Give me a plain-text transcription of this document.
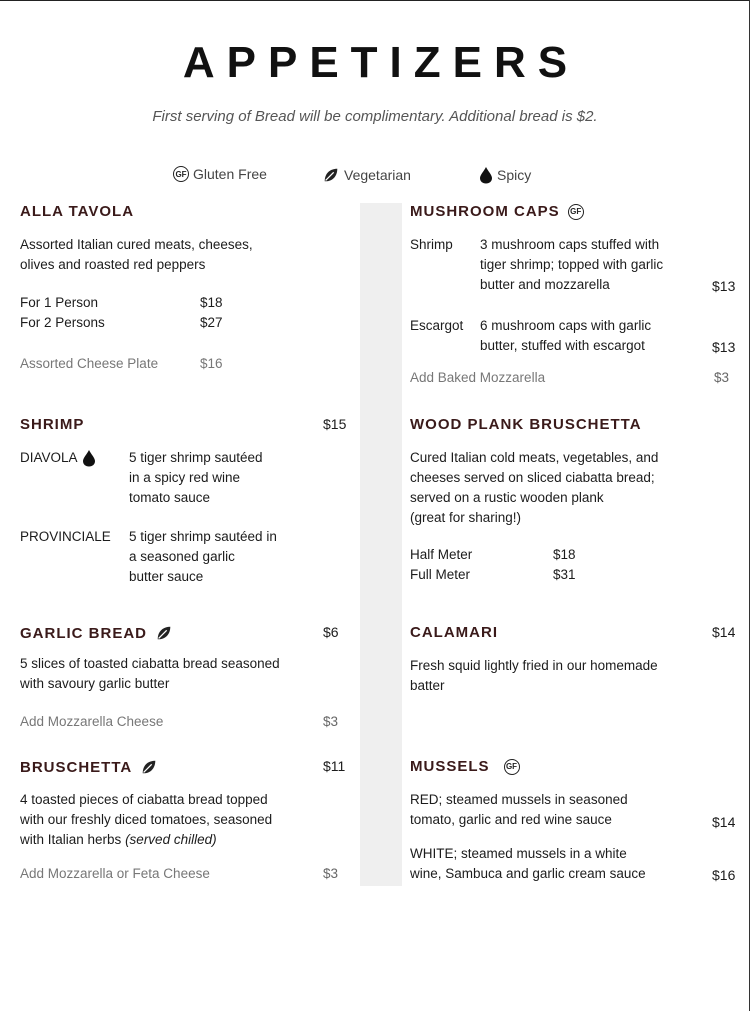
APPETIZERS
First serving of Bread will be complimentary. Additional bread is $2.
GF Gluten Free	Vegetarian	Spicy
ALLA TAVOLA
Assorted Italian cured meats, cheeses,
olives and roasted red peppers
For 1 Person	$18
For 2 Persons	$27
Assorted Cheese Plate	$16
SHRIMP	$15
DIAVOLA	5 tiger shrimp sautéed
in a spicy red wine
tomato sauce
PROVINCIALE 5 tiger shrimp sautéed in
a seasoned garlic
butter sauce
GARLIC BREAD	$6
5 slices of toasted ciabatta bread seasoned
with savoury garlic butter
Add Mozzarella Cheese	$3
BRUSCHETTA	$11
4 toasted pieces of ciabatta bread topped
with our freshly diced tomatoes, seasoned
with Italian herbs (served chilled)
Add Mozzarella or Feta Cheese	$3
MUSHROOM CAPS	GF
Shrimp 3 mushroom caps stuffed with
tiger shrimp; topped with garlic
butter and mozzarella	$13
Escargot 6 mushroom caps with garlic
butter, stuffed with escargot	$13
Add Baked Mozzarella	$3
WOOD PLANK BRUSCHETTA
Cured Italian cold meats, vegetables, and
cheeses served on sliced ciabatta bread;
served on a rustic wooden plank
(great for sharing!)
Half Meter	$18
Full Meter	$31
CALAMARI	$14
Fresh squid lightly fried in our homemade
batter
MUSSELS	GF
RED; steamed mussels in seasoned
tomato, garlic and red wine sauce	$14
WHITE; steamed mussels in a white
wine, Sambuca and garlic cream sauce	$16
